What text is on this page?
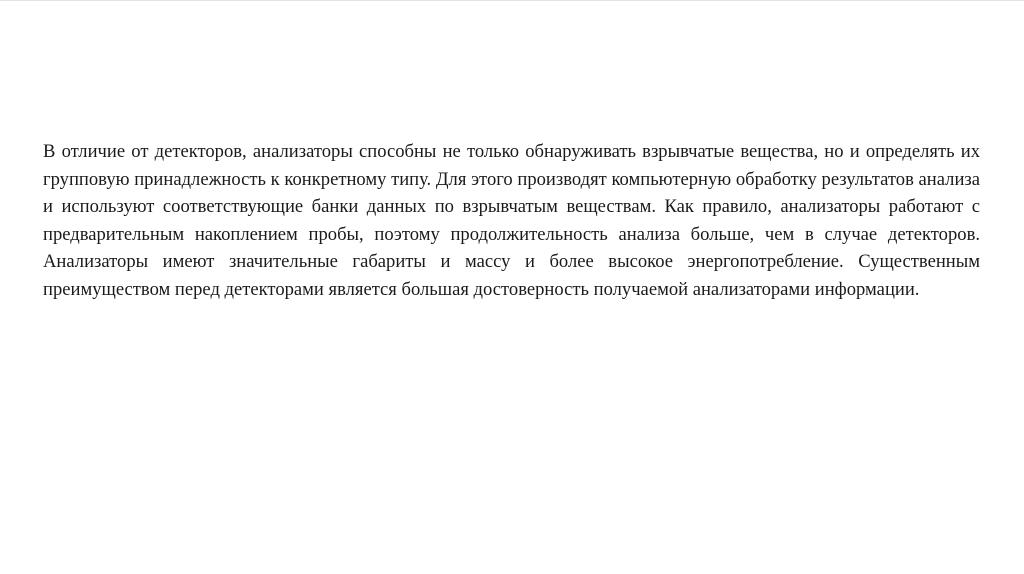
В отличие от детекторов, анализаторы способны не только обнаруживать взрывчатые вещества, но и определять их групповую принадлежность к конкретному типу. Для этого производят компьютерную обработку результатов анализа и используют соответствующие банки данных по взрывчатым веществам. Как правило, анализаторы работают с предварительным накоплением пробы, поэтому продолжительность анализа больше, чем в случае детекторов. Анализаторы имеют значительные габариты и массу и более высокое энергопотребление. Существенным преимуществом перед детекторами является большая достоверность получаемой анализаторами информации.
